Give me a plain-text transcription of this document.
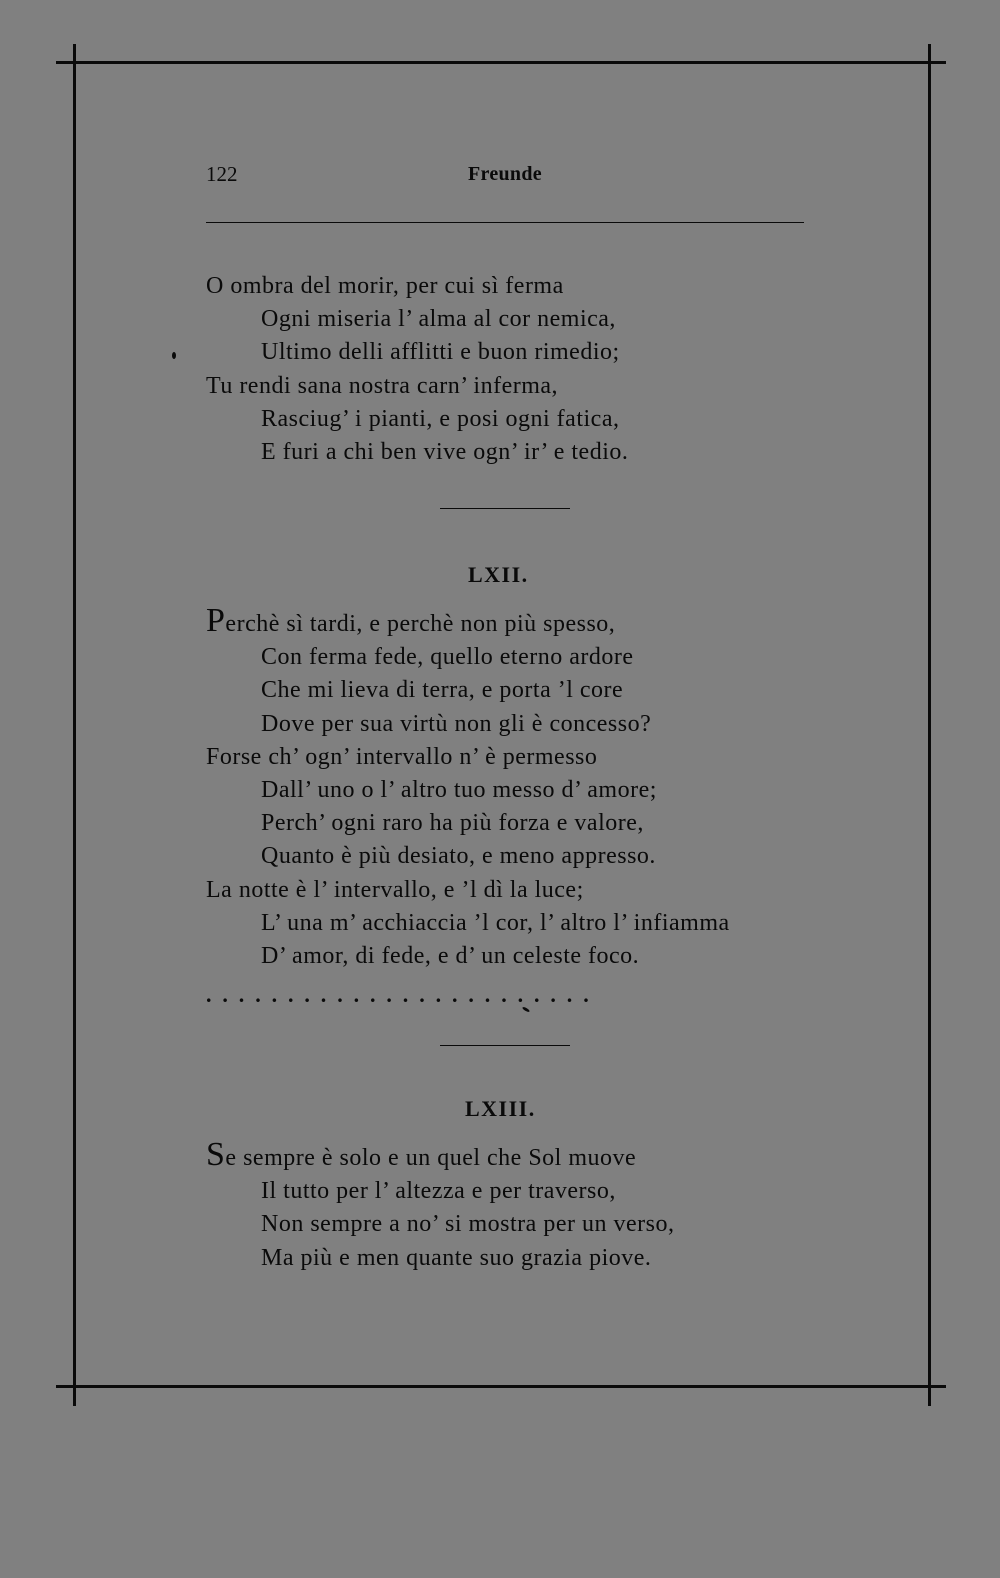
122	Freunde
O ombra del morir, per cui sì ferma
Ogni miseria l’ alma al cor nemica,
Ultimo delli afflitti e buon rimedio;
Tu rendi sana nostra carn’ inferma,
Rasciug’ i pianti, e posi ogni fatica,
E furi a chi ben vive ogn’ ir’ e tedio.
LXII.
Perchè sì tardi, e perchè non più spesso,
Con ferma fede, quello eterno ardore
Che mi lieva di terra, e porta ’l core
Dove per sua virtù non gli è concesso?
Forse ch’ ogn’ intervallo n’ è permesso
Dall’ uno o l’ altro tuo messo d’ amore;
Perch’ ogni raro ha più forza e valore,
Quanto è più desiato, e meno appresso.
La notte è l’ intervallo, e ’l dì la luce;
L’ una m’ acchiaccia ’l cor, l’ altro l’ infiamma
D’ amor, di fede, e d’ un celeste foco.
........................
LXIII.
Se sempre è solo e un quel che Sol muove
Il tutto per l’ altezza e per traverso,
Non sempre a no’ si mostra per un verso,
Ma più e men quante suo grazia piove.
